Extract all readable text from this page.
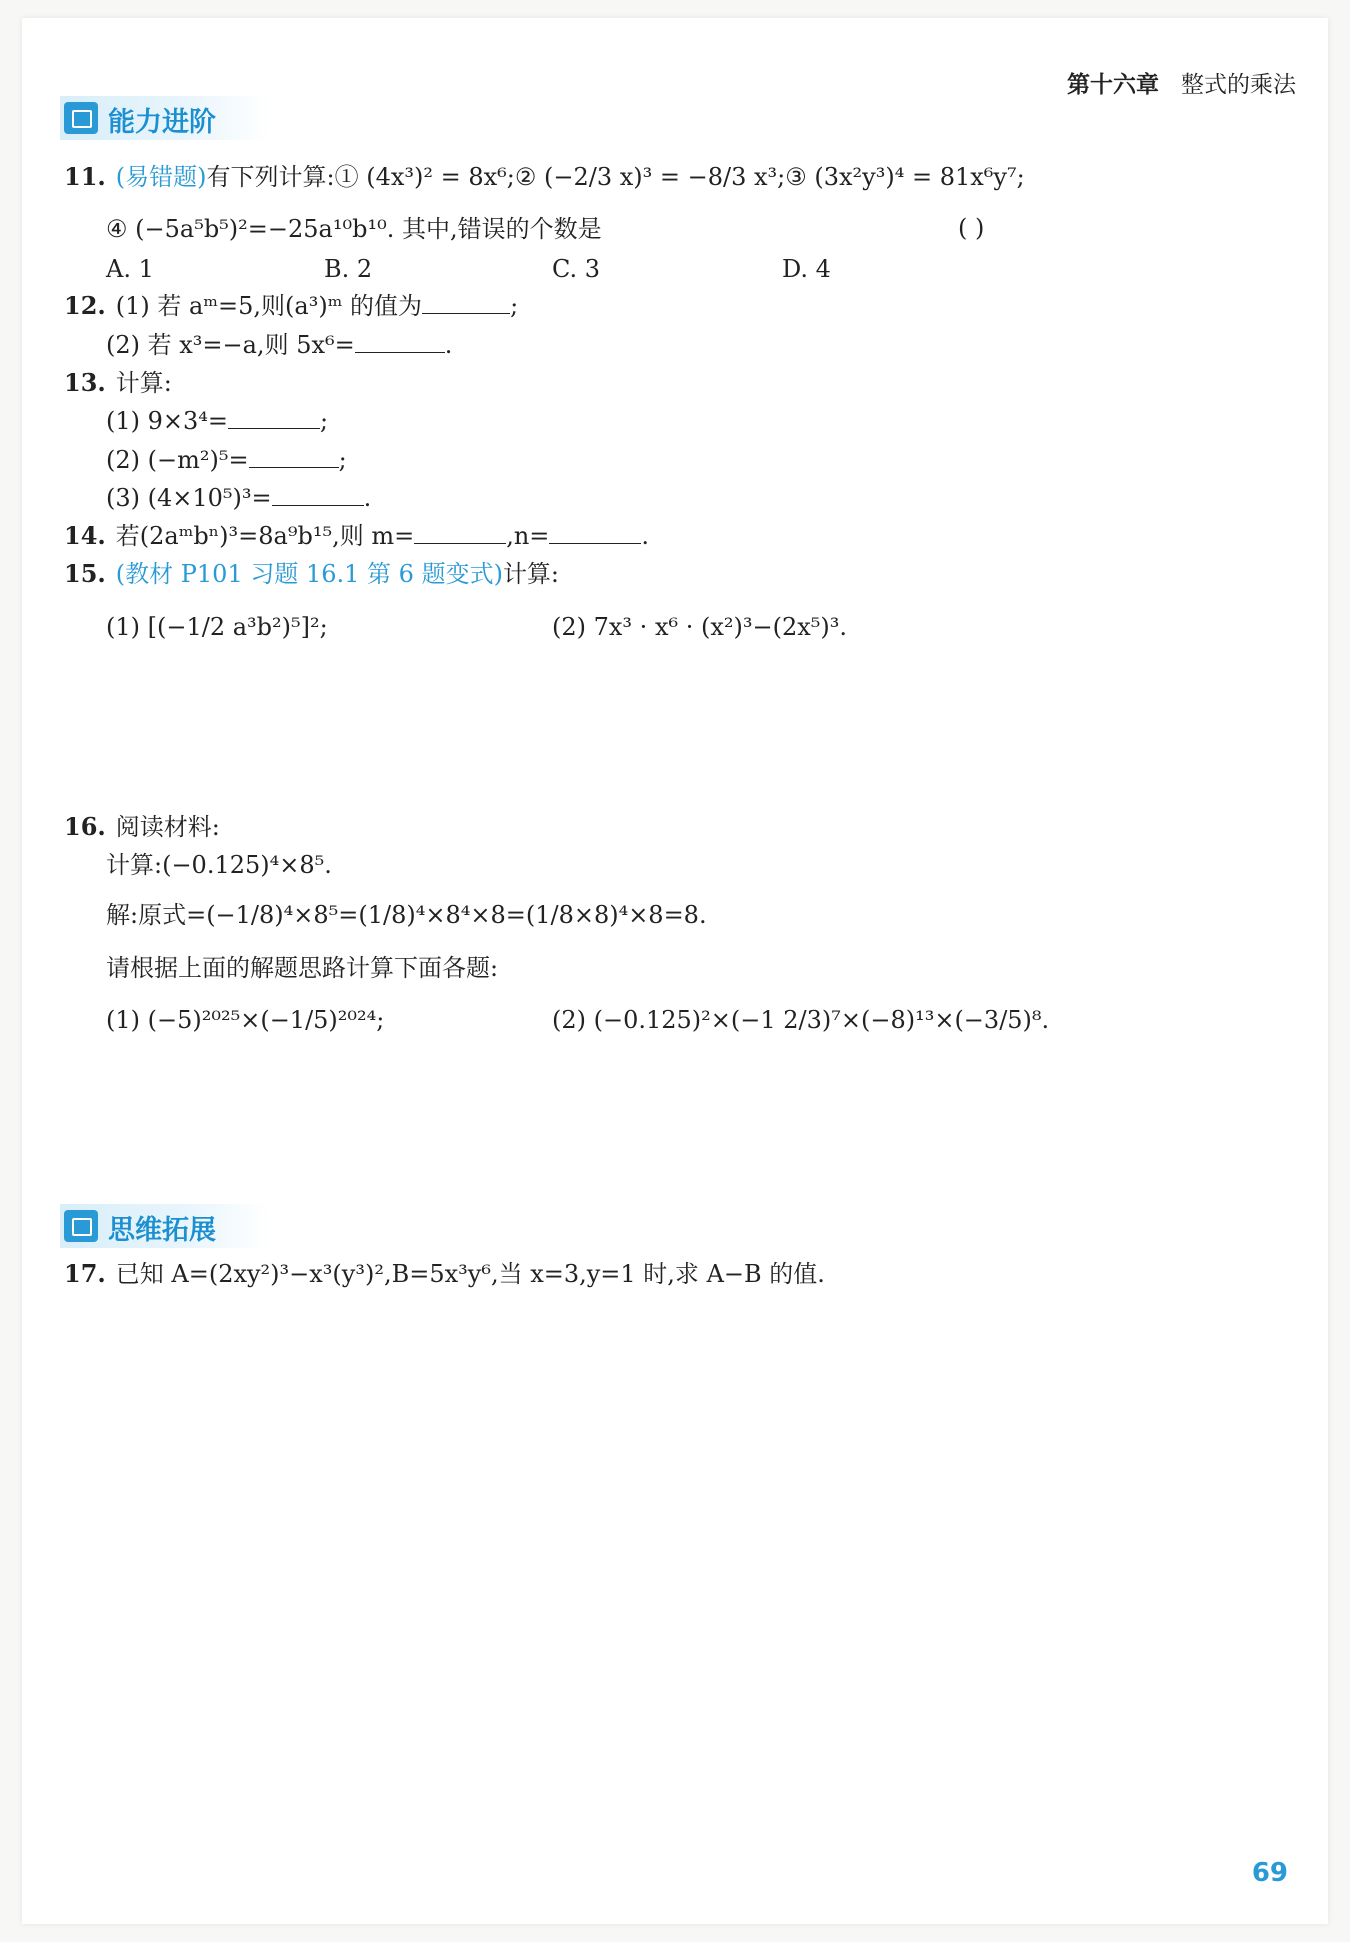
第十六章 整式的乘法
能力进阶
11. (易错题)有下列计算:① (4x³)² = 8x⁶;② (−2/3 x)³ = −8/3 x³;③ (3x²y³)⁴ = 81x⁶y⁷;
④ (−5a⁵b⁵)²=−25a¹⁰b¹⁰. 其中,错误的个数是	( )
A. 1	B. 2	C. 3	D. 4
12. (1) 若 aᵐ=5,则(a³)ᵐ 的值为	;
(2) 若 x³=−a,则 5x⁶=	.
13. 计算:
(1) 9×3⁴=	;
(2) (−m²)⁵=	;
(3) (4×10⁵)³=	.
14. 若(2aᵐbⁿ)³=8a⁹b¹⁵,则 m=	,n=	.
15. (教材 P101 习题 16.1 第 6 题变式)计算:
(1) [(−1/2 a³b²)⁵]²;	(2) 7x³ · x⁶ · (x²)³−(2x⁵)³.
16. 阅读材料:
计算:(−0.125)⁴×8⁵.
解:原式=(−1/8)⁴×8⁵=(1/8)⁴×8⁴×8=(1/8×8)⁴×8=8.
请根据上面的解题思路计算下面各题:
(1) (−5)²⁰²⁵×(−1/5)²⁰²⁴;	(2) (−0.125)²×(−1 2/3)⁷×(−8)¹³×(−3/5)⁸.
思维拓展
17. 已知 A=(2xy²)³−x³(y³)²,B=5x³y⁶,当 x=3,y=1 时,求 A−B 的值.
69
